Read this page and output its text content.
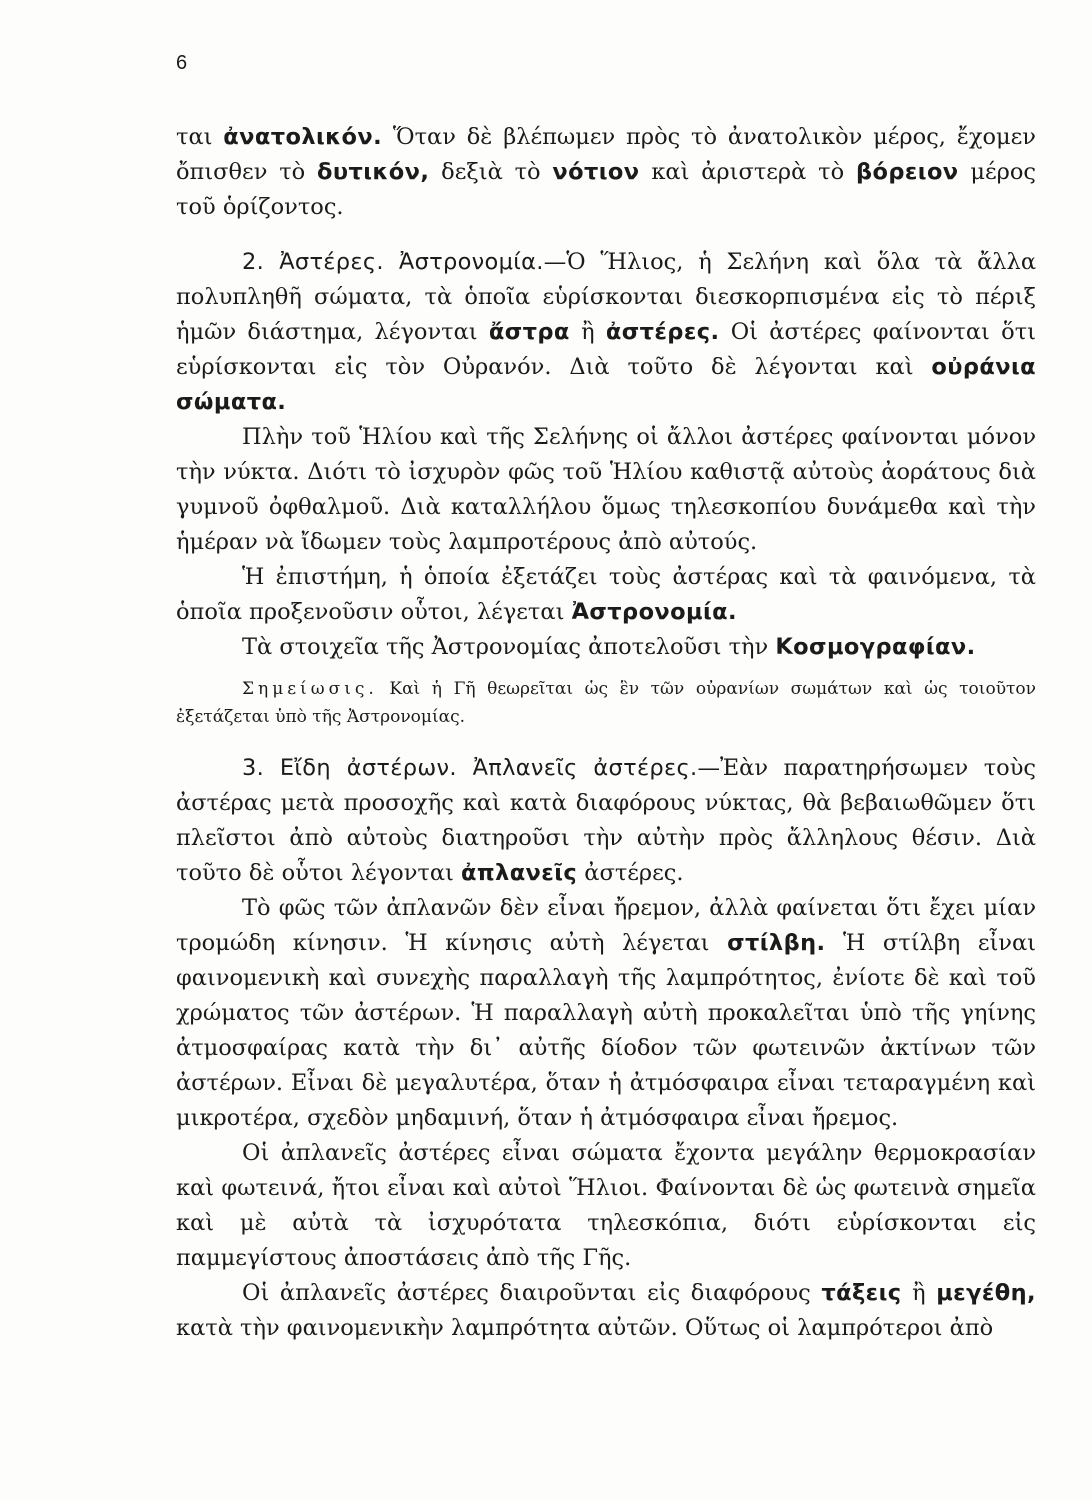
6

ται ἀνατολικόν. Ὅταν δὲ βλέπωμεν πρὸς τὸ ἀνατολικὸν μέρος, ἔχομεν ὄπισθεν τὸ δυτικόν, δεξιὰ τὸ νότιον καὶ ἀριστερὰ τὸ βόρειον μέρος τοῦ ὁρίζοντος.

2. Ἀστέρες. Ἀστρονομία.—Ὁ Ἥλιος, ἡ Σελήνη καὶ ὅλα τὰ ἄλλα πολυπληθῆ σώματα, τὰ ὁποῖα εὑρίσκονται διεσκορπισμένα εἰς τὸ πέριξ ἡμῶν διάστημα, λέγονται ἄστρα ἢ ἀστέρες. Οἱ ἀστέρες φαίνονται ὅτι εὑρίσκονται εἰς τὸν Οὐρανόν. Διὰ τοῦτο δὲ λέγονται καὶ οὐράνια σώματα.

Πλὴν τοῦ Ἡλίου καὶ τῆς Σελήνης οἱ ἄλλοι ἀστέρες φαίνονται μόνον τὴν νύκτα. Διότι τὸ ἰσχυρὸν φῶς τοῦ Ἡλίου καθιστᾷ αὐτοὺς ἀοράτους διὰ γυμνοῦ ὀφθαλμοῦ. Διὰ καταλλήλου ὅμως τηλεσκοπίου δυνάμεθα καὶ τὴν ἡμέραν νὰ ἴδωμεν τοὺς λαμπροτέρους ἀπὸ αὐτούς.

Ἡ ἐπιστήμη, ἡ ὁποία ἐξετάζει τοὺς ἀστέρας καὶ τὰ φαινόμενα, τὰ ὁποῖα προξενοῦσιν οὗτοι, λέγεται Ἀστρονομία.

Τὰ στοιχεῖα τῆς Ἀστρονομίας ἀποτελοῦσι τὴν Κοσμογραφίαν.

Σημείωσις. Καὶ ἡ Γῆ θεωρεῖται ὡς ἓν τῶν οὐρανίων σωμάτων καὶ ὡς τοιοῦτον ἐξετάζεται ὑπὸ τῆς Ἀστρονομίας.

3. Εἴδη ἀστέρων. Ἀπλανεῖς ἀστέρες.—Ἐὰν παρατηρήσωμεν τοὺς ἀστέρας μετὰ προσοχῆς καὶ κατὰ διαφόρους νύκτας, θὰ βεβαιωθῶμεν ὅτι πλεῖστοι ἀπὸ αὐτοὺς διατηροῦσι τὴν αὐτὴν πρὸς ἄλληλους θέσιν. Διὰ τοῦτο δὲ οὗτοι λέγονται ἀπλανεῖς ἀστέρες.

Τὸ φῶς τῶν ἀπλανῶν δὲν εἶναι ἤρεμον, ἀλλὰ φαίνεται ὅτι ἔχει μίαν τρομώδη κίνησιν. Ἡ κίνησις αὐτὴ λέγεται στίλβη. Ἡ στίλβη εἶναι φαινομενικὴ καὶ συνεχὴς παραλλαγὴ τῆς λαμπρότητος, ἐνίοτε δὲ καὶ τοῦ χρώματος τῶν ἀστέρων. Ἡ παραλλαγὴ αὐτὴ προκαλεῖται ὑπὸ τῆς γηίνης ἀτμοσφαίρας κατὰ τὴν δι᾽ αὐτῆς δίοδον τῶν φωτεινῶν ἀκτίνων τῶν ἀστέρων. Εἶναι δὲ μεγαλυτέρα, ὅταν ἡ ἀτμόσφαιρα εἶναι τεταραγμένη καὶ μικροτέρα, σχεδὸν μηδαμινή, ὅταν ἡ ἀτμόσφαιρα εἶναι ἤρεμος.

Οἱ ἀπλανεῖς ἀστέρες εἶναι σώματα ἔχοντα μεγάλην θερμοκρασίαν καὶ φωτεινά, ἤτοι εἶναι καὶ αὐτοὶ Ἥλιοι. Φαίνονται δὲ ὡς φωτεινὰ σημεῖα καὶ μὲ αὐτὰ τὰ ἰσχυρότατα τηλεσκόπια, διότι εὑρίσκονται εἰς παμμεγίστους ἀποστάσεις ἀπὸ τῆς Γῆς.

Οἱ ἀπλανεῖς ἀστέρες διαιροῦνται εἰς διαφόρους τάξεις ἢ μεγέθη, κατὰ τὴν φαινομενικὴν λαμπρότητα αὐτῶν. Οὕτως οἱ λαμπρότεροι ἀπὸ
